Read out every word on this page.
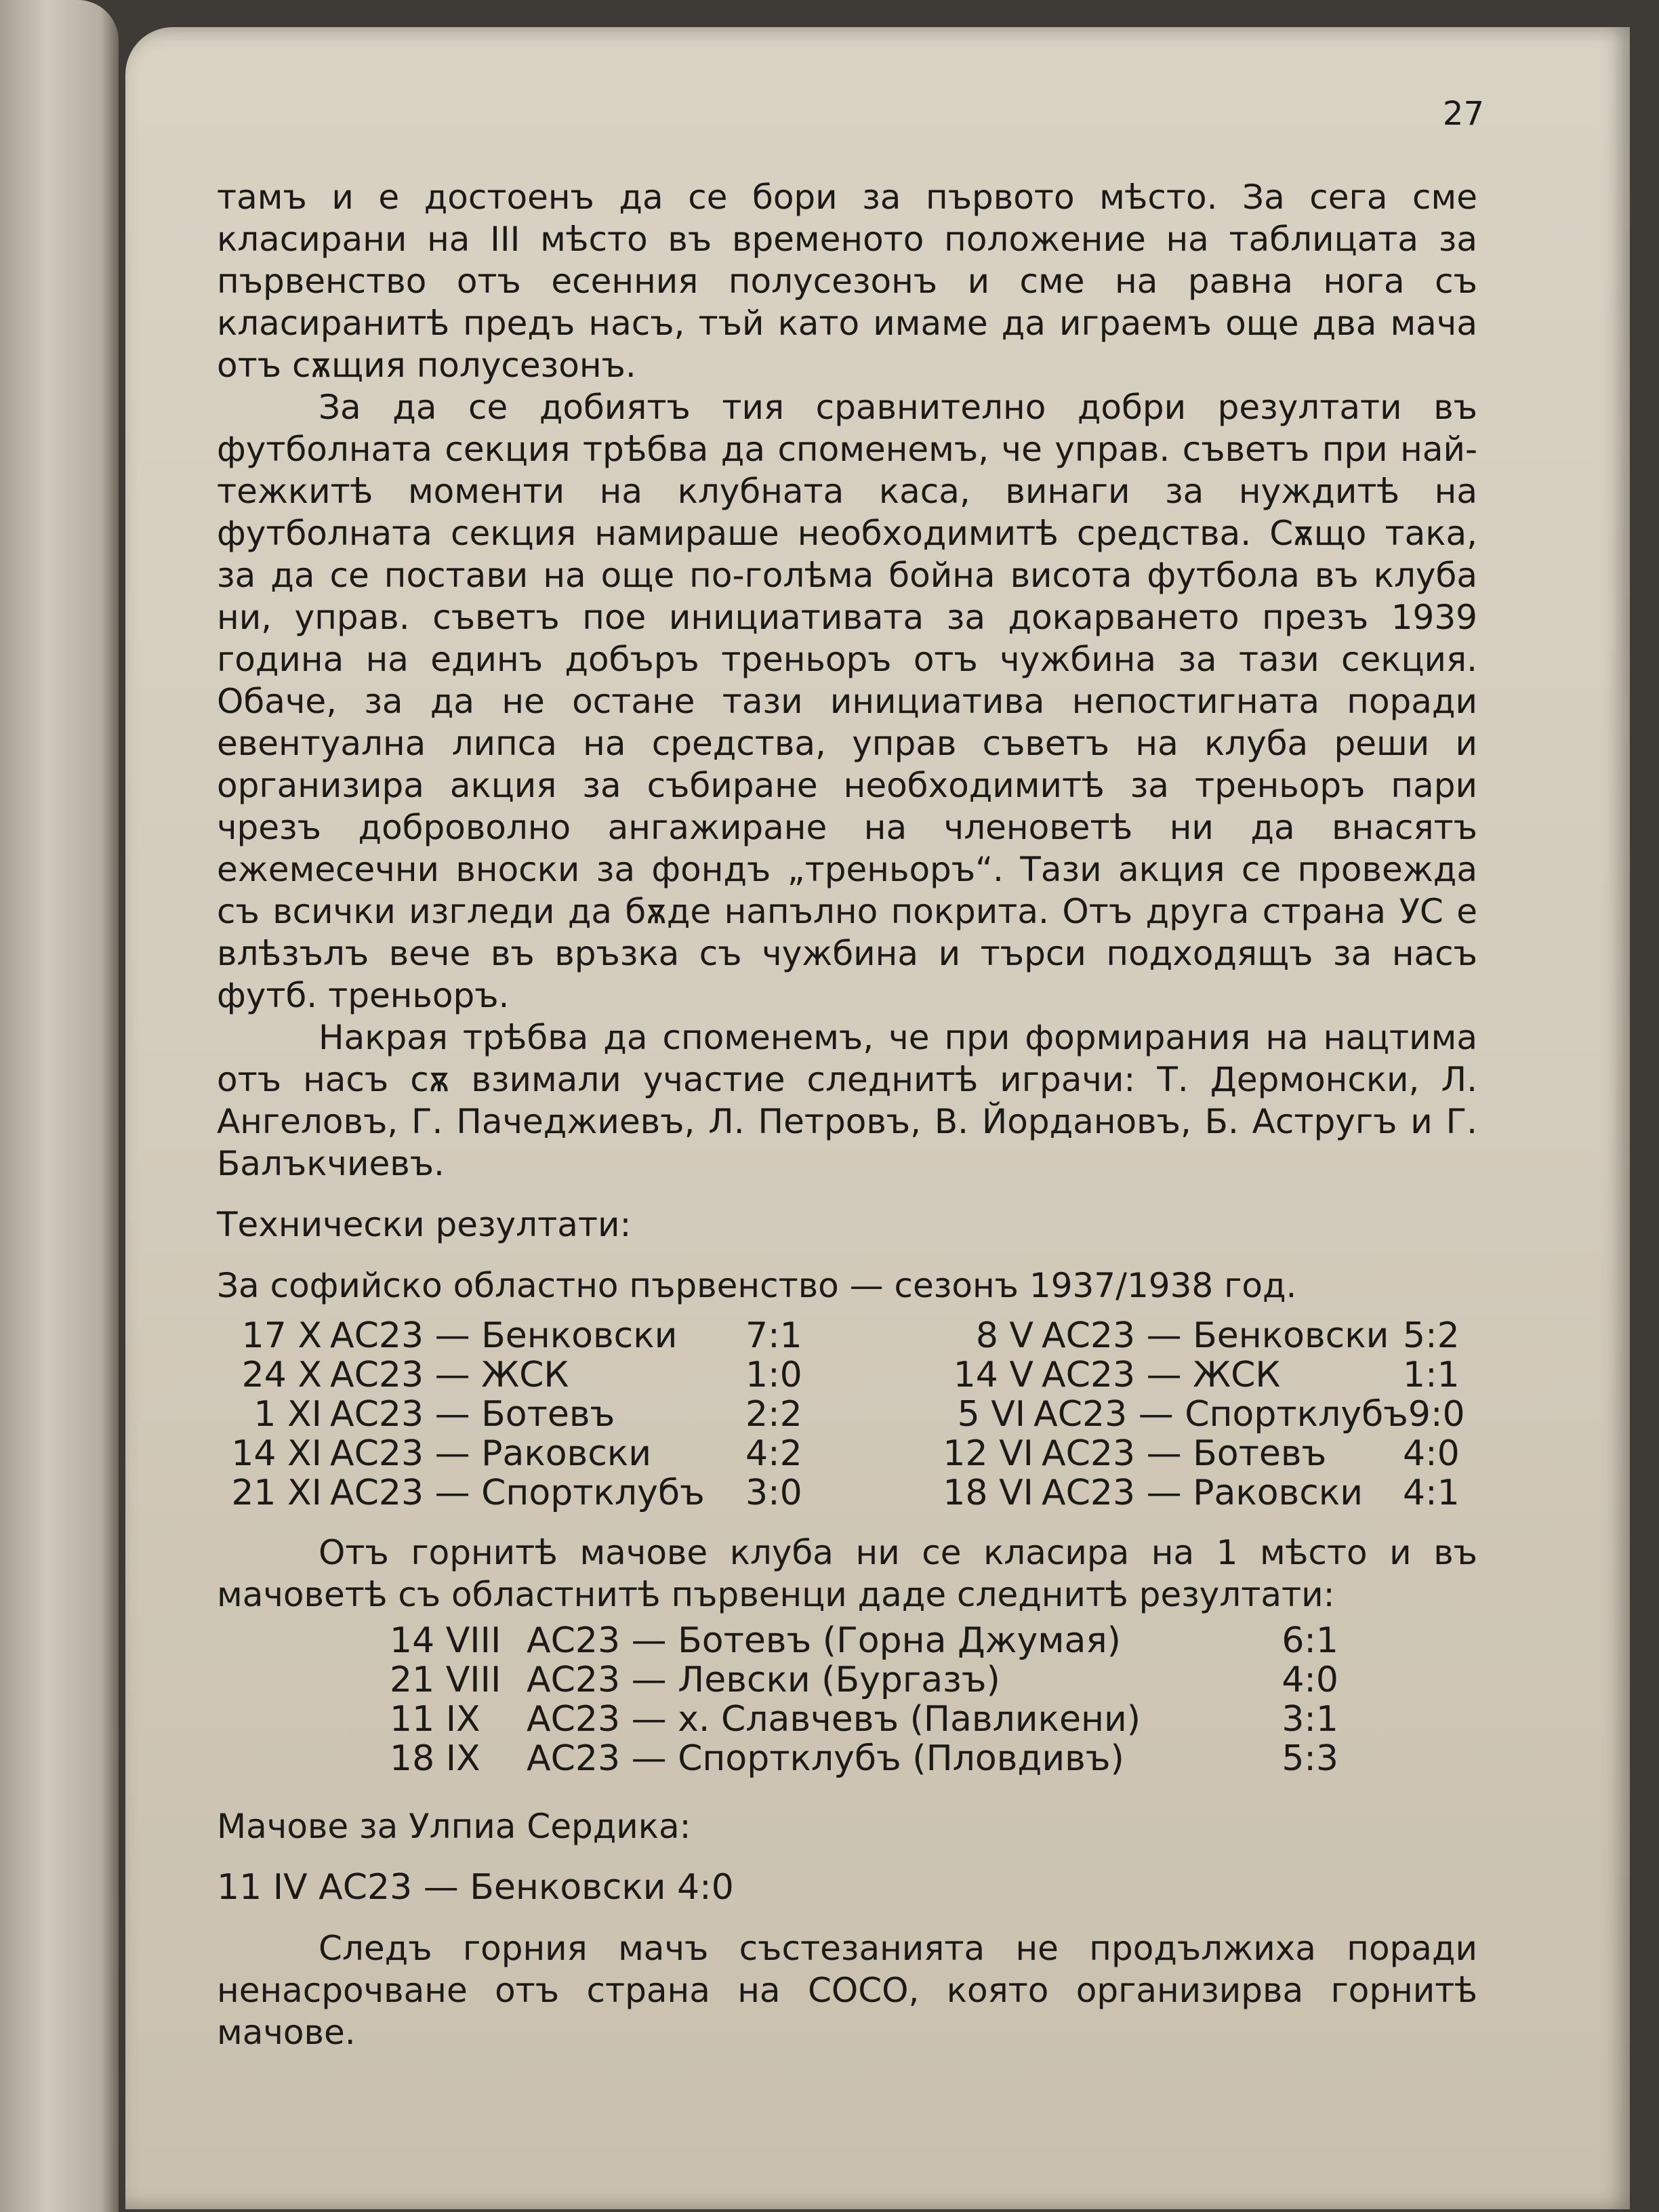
27

тамъ и е достоенъ да се бори за първото мѣсто. За сега сме класирани на III мѣсто въ временото положение на таблицата за първенство отъ есенния полусезонъ и сме на равна нога съ класиранитѣ предъ насъ, тъй като имаме да играемъ още два мача отъ сѫщия полусезонъ.

За да се добиятъ тия сравнително добри резултати въ футболната секция трѣбва да споменемъ, че управ. съветъ при най-тежкитѣ моменти на клубната каса, винаги за нуждитѣ на футболната секция намираше необходимитѣ средства. Сѫщо така, за да се постави на още по-голѣма бойна висота футбола въ клуба ни, управ. съветъ пое инициативата за докарването презъ 1939 година на единъ добъръ треньоръ отъ чужбина за тази секция. Обаче, за да не остане тази инициатива непостигната поради евентуална липса на средства, управ съветъ на клуба реши и организира акция за събиране необходимитѣ за треньоръ пари чрезъ доброволно ангажиране на членоветѣ ни да внасятъ ежемесечни вноски за фондъ „треньоръ“. Тази акция се провежда съ всички изгледи да бѫде напълно покрита. Отъ друга страна УС е влѣзълъ вече въ връзка съ чужбина и търси подходящъ за насъ футб. треньоръ.

Накрая трѣбва да споменемъ, че при формирания на нацтима отъ насъ сѫ взимали участие следнитѣ играчи: Т. Дермонски, Л. Ангеловъ, Г. Пачеджиевъ, Л. Петровъ, В. Йордановъ, Б. Астругъ и Г. Балъкчиевъ.

Технически резултати:

За софийско областно първенство — сезонъ 1937/1938 год.

17 X АС23 — Бенковски	7:1
24 X АС23 — ЖСК	1:0
1 XI АС23 — Ботевъ	2:2
14 XI АС23 — Раковски	4:2
21 XI АС23 — Спортклубъ	3:0
8 V АС23 — Бенковски 5:2
14 V АС23 — ЖСК	1:1
5 VI АС23 — Спортклубъ 9:0
12 VI АС23 — Ботевъ	4:0
18 VI АС23 — Раковски	4:1

Отъ горнитѣ мачове клуба ни се класира на 1 мѣсто и въ мачоветѣ съ областнитѣ първенци даде следнитѣ резултати:

14 VIII АС23 — Ботевъ (Горна Джумая)	6:1
21 VIII АС23 — Левски (Бургазъ)	4:0
11 IX	АС23 — х. Славчевъ (Павликени)	3:1
18 IX	АС23 — Спортклубъ (Пловдивъ)	5:3

Мачове за Улпиа Сердика:

11 IV АС23 — Бенковски 4:0

Следъ горния мачъ състезанията не продължиха поради ненасрочване отъ страна на СОСО, която организирва горнитѣ мачове.
